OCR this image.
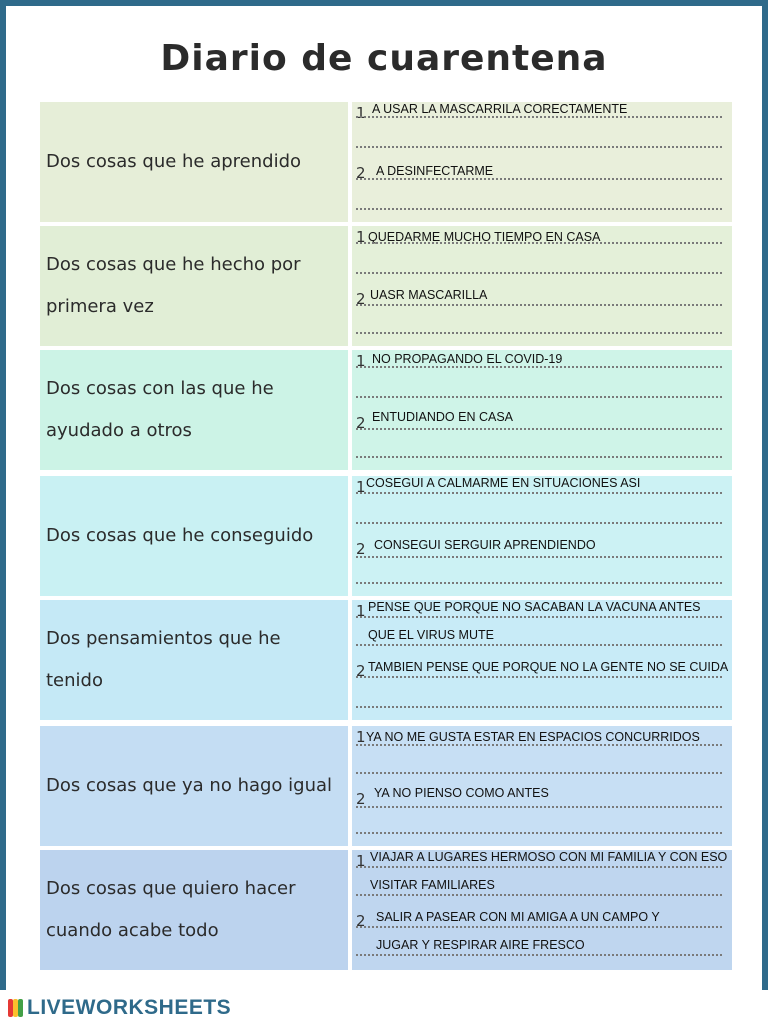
Diario de cuarentena
Dos cosas que he aprendido
1 A USAR LA MASCARRILA CORECTAMENTE
2 A DESINFECTARME
Dos cosas que he hecho por
primera vez
1 QUEDARME MUCHO TIEMPO EN CASA
2 UASR MASCARILLA
Dos cosas con las que he
ayudado a otros
1 NO PROPAGANDO EL COVID-19
2 ENTUDIANDO EN CASA
Dos cosas que he conseguido
1 COSEGUI A CALMARME EN SITUACIONES ASI
2 CONSEGUI SERGUIR APRENDIENDO
Dos pensamientos que he
tenido
1 PENSE QUE PORQUE NO SACABAN LA VACUNA ANTES
QUE EL VIRUS MUTE
2 TAMBIEN PENSE QUE PORQUE NO LA GENTE NO SE CUIDA
Dos cosas que ya no hago igual
1 YA NO ME GUSTA ESTAR EN ESPACIOS CONCURRIDOS
2 YA NO PIENSO COMO ANTES
Dos cosas que quiero hacer
cuando acabe todo
1 VIAJAR A LUGARES HERMOSO CON MI FAMILIA Y CON ESO
VISITAR FAMILIARES
2 SALIR A PASEAR CON MI AMIGA A UN CAMPO Y
JUGAR Y RESPIRAR AIRE FRESCO
LIVEWORKSHEETS
